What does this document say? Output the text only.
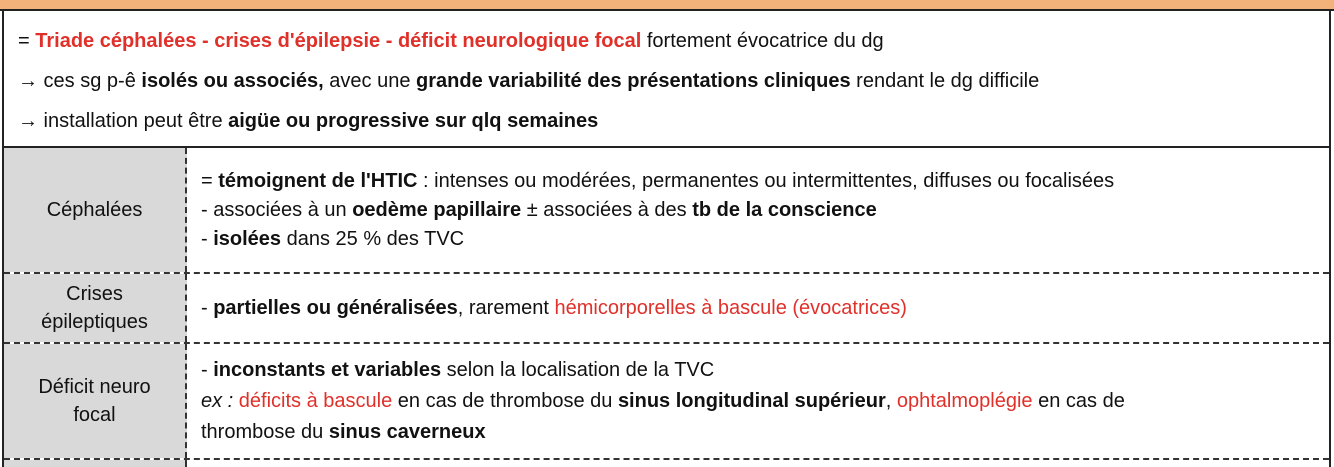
= Triade céphalées - crises d'épilepsie - déficit neurologique focal fortement évocatrice du dg
→ ces sg p-ê isolés ou associés, avec une grande variabilité des présentations cliniques rendant le dg difficile
→ installation peut être aigüe ou progressive sur qlq semaines
Céphalées
= témoignent de l'HTIC : intenses ou modérées, permanentes ou intermittentes, diffuses ou focalisées
- associées à un oedème papillaire ± associées à des tb de la conscience
- isolées dans 25 % des TVC
Crises
épileptiques
- partielles ou généralisées, rarement hémicorporelles à bascule (évocatrices)
Déficit neuro
focal
- inconstants et variables selon la localisation de la TVC
ex : déficits à bascule en cas de thrombose du sinus longitudinal supérieur, ophtalmoplégie en cas de
thrombose du sinus caverneux
